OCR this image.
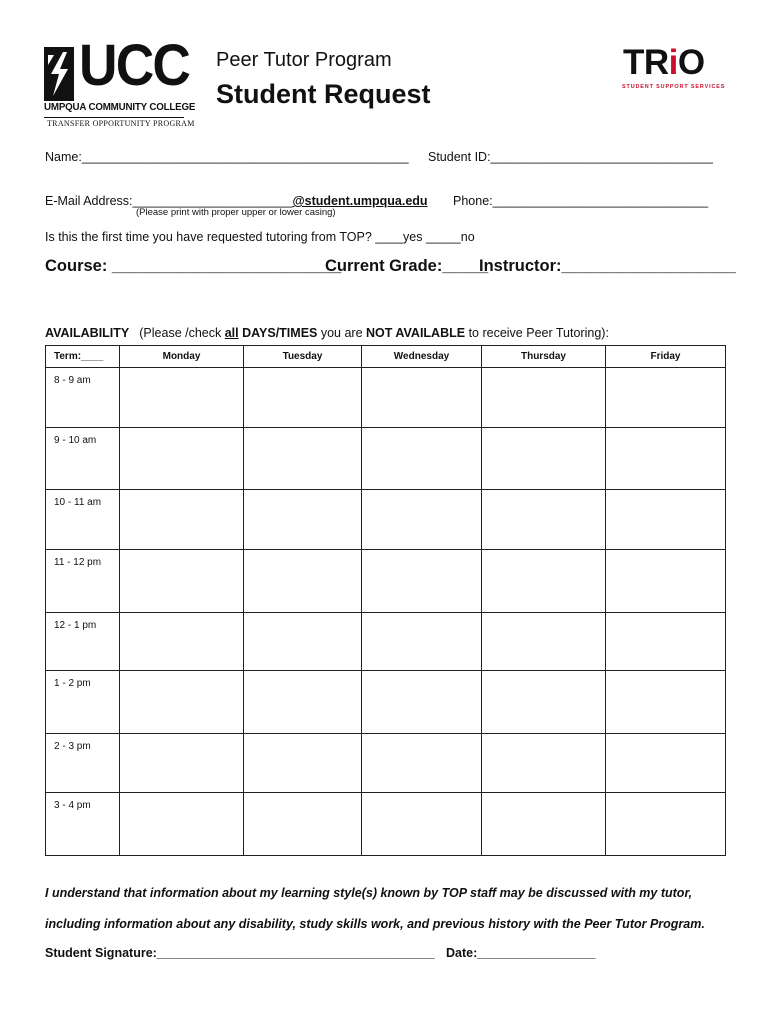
UCC
UMPQUA COMMUNITY COLLEGE
TRANSFER OPPORTUNITY PROGRAM
Peer Tutor Program
Student Request
TRiO
STUDENT SUPPORT SERVICES
Name:_______________________________________________ Student ID:________________________________
E-Mail Address:_______________________@student.umpqua.edu Phone:_______________________________
(Please print with proper upper or lower casing)
Is this the first time you have requested tutoring from TOP? ____yes _____no
Course: _________________________
Current Grade:_____
Instructor:___________________
AVAILABILITY (Please /check all DAYS/TIMES you are NOT AVAILABLE to receive Peer Tutoring):
Term:____	Monday	Tuesday	Wednesday	Thursday	Friday
8 - 9 am					
9 - 10 am					
10 - 11 am					
11 - 12 pm					
12 - 1 pm					
1 - 2 pm					
2 - 3 pm					
3 - 4 pm					
I understand that information about my learning style(s) known by TOP staff may be discussed with my tutor,
including information about any disability, study skills work, and previous history with the Peer Tutor Program.
Student Signature:________________________________________ Date:_________________
